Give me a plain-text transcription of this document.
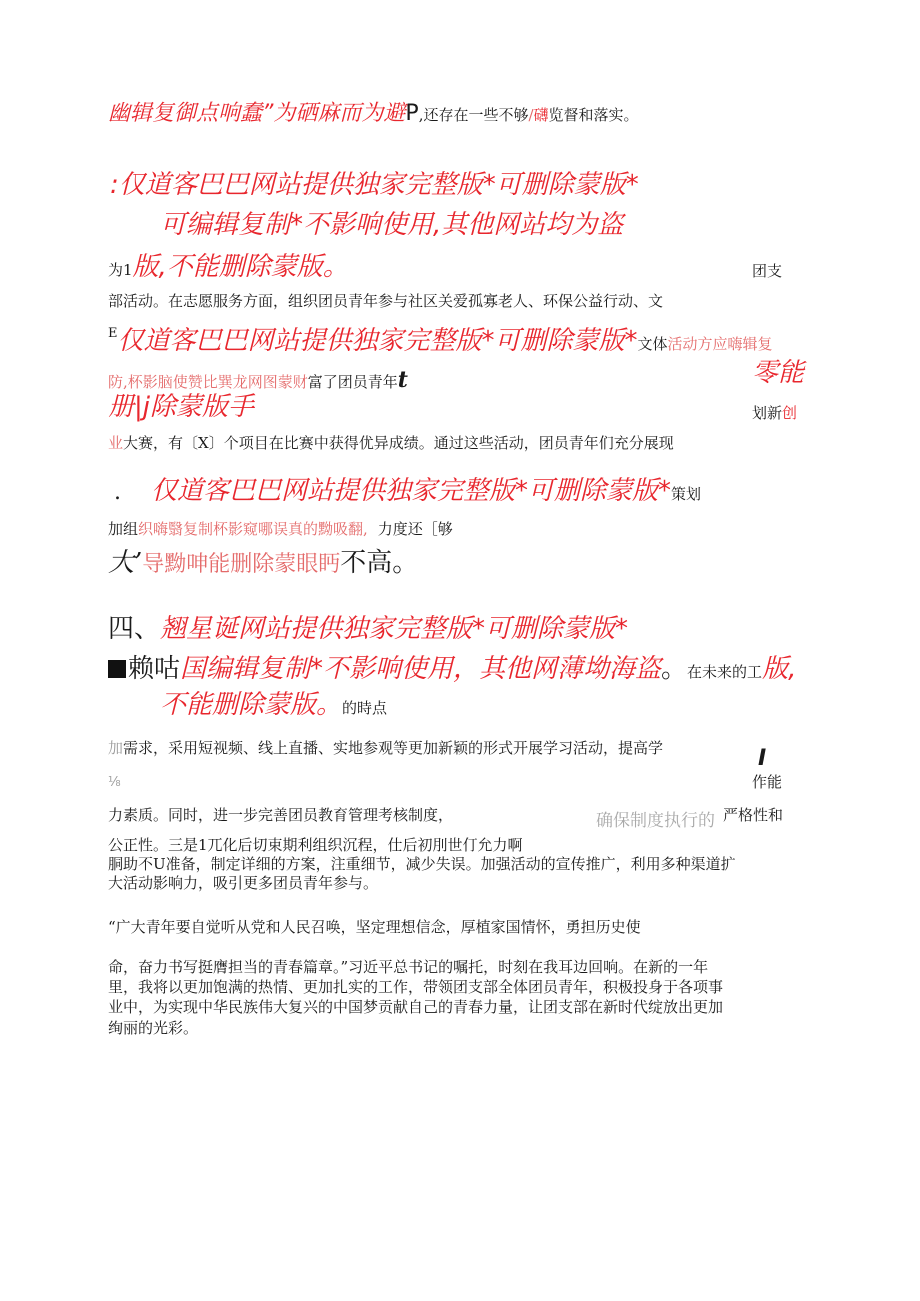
幽辑复御点响蠢”为硒麻而为避P,还存在一些不够/礴览督和落实。
:仅道客巴巴网站提供独家完整版*可删除蒙版*
可编辑复制*不影响使用,其他网站均为盗
为1版,不能删除蒙版。	团支
部活动。在志愿服务方面，组织团员青年参与社区关爱孤寡老人、环保公益行动、文
$^E$仅道客巴巴网站提供独家完整版*可删除蒙版*文体活动方应嗨辑复
防,杯影脑使赞比巽龙网图蒙财富了团员青年t	零能
册|j除蒙版手	划新创
业大赛，有〔X〕个项目在比赛中获得优异成绩。通过这些活动，团员青年们充分展现
. 仅道客巴巴网站提供独家完整版*可删除蒙版*策划
加组织嗨翳复制杯影窥哪误真的黝吸翻, 力度还［够
大’导黝呻能删除蒙眼眄不高。
四、翘星诞网站提供独家完整版*可删除蒙版*
赖咕国编辑复制*不影响使用，其他网薄坳海盗。在未来的工版,
不能删除蒙版。的時点
加需求，采用短视频、线上直播、实地参观等更加新颖的形式开展学习活动，提高学	I
⅛	作能
力素质。同时，进一步完善团员教育管理考核制度，	确保制度执行的 严格性和
公正性。三是1兀化后切束期利组织沉程，仕后初刖世仃允力啊
胴助不U准备，制定详细的方案，注重细节，减少失误。加强活动的宣传推广，利用多种渠道扩
大活动影响力，吸引更多团员青年参与。
“广大青年要自觉听从党和人民召唤，坚定理想信念，厚植家国情怀，勇担历史使
命，奋力书写挺膺担当的青春篇章。”习近平总书记的嘱托，时刻在我耳边回响。在新的一年
里，我将以更加饱满的热情、更加扎实的工作，带领团支部全体团员青年，积极投身于各项事
业中，为实现中华民族伟大复兴的中国梦贡献自己的青春力量，让团支部在新时代绽放出更加
绚丽的光彩。
